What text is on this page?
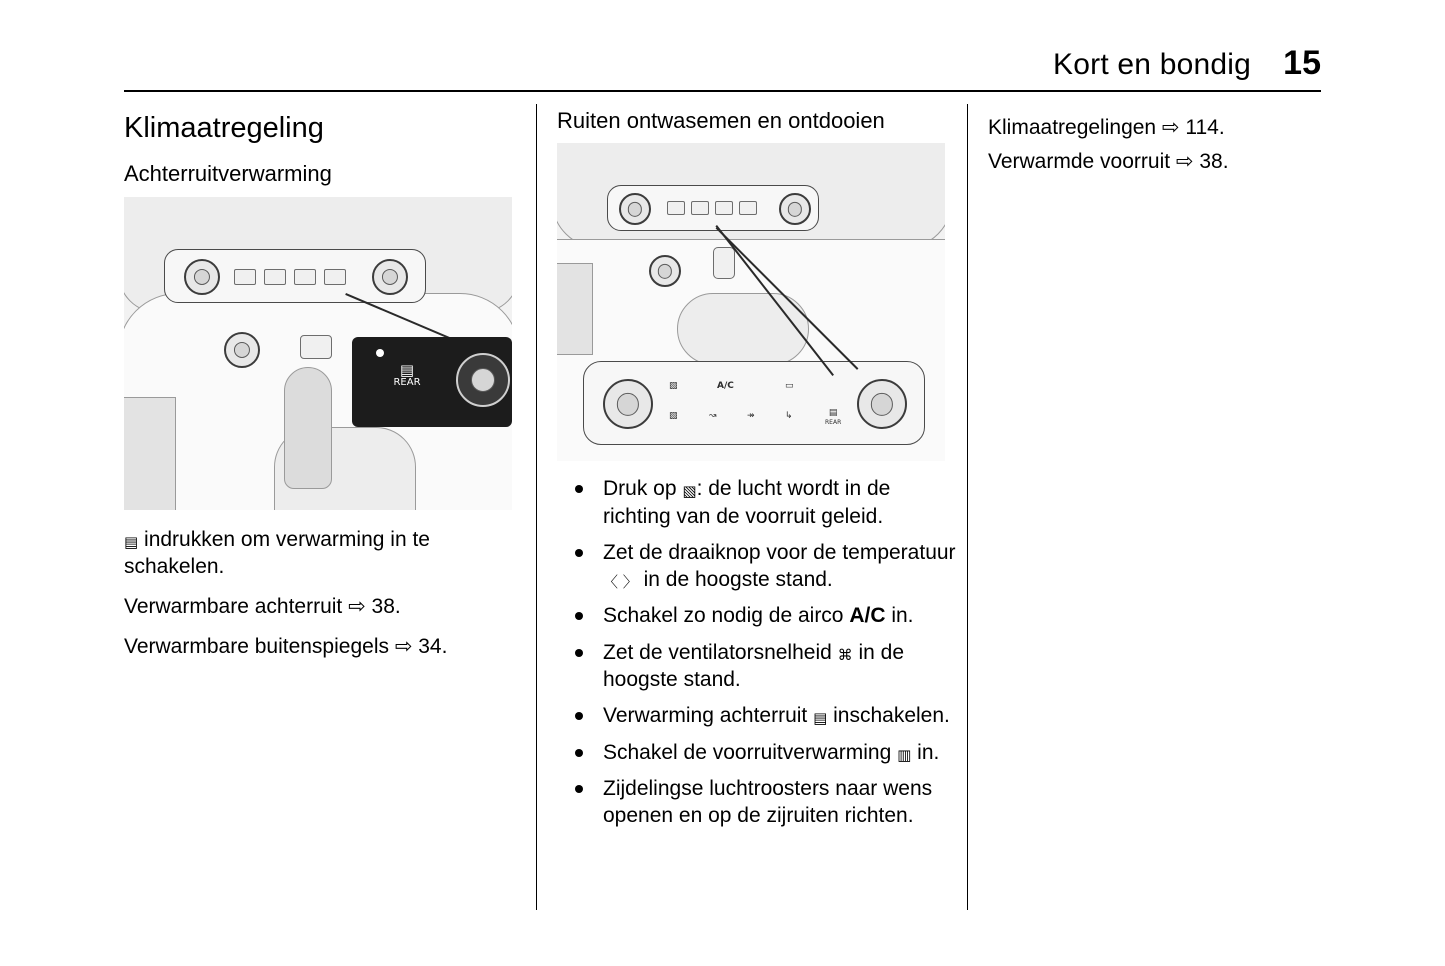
Kort en bondig 15
Klimaatregeling
Achterruitverwarming
▤
REAR

▤ indrukken om verwarming in te schakelen.

Verwarmbare achterruit ⇨ 38.

Verwarmbare buitenspiegels ⇨ 34.

Ruiten ontwasemen en ontdooien
▧	A/C	▭
▧	↝	↠	↳	▤
REAR
Druk op ▧: de lucht wordt in de richting van de voorruit geleid.
Zet de draaiknop voor de temperatuur 〈 〉 in de hoogste stand.
Schakel zo nodig de airco A/C in.
Zet de ventilatorsnelheid ⌘ in de hoogste stand.
Verwarming achterruit ▤ inschakelen.
Schakel de voorruitverwarming ▥ in.
Zijdelingse luchtroosters naar wens openen en op de zijruiten richten.

Klimaatregelingen ⇨ 114.

Verwarmde voorruit ⇨ 38.
